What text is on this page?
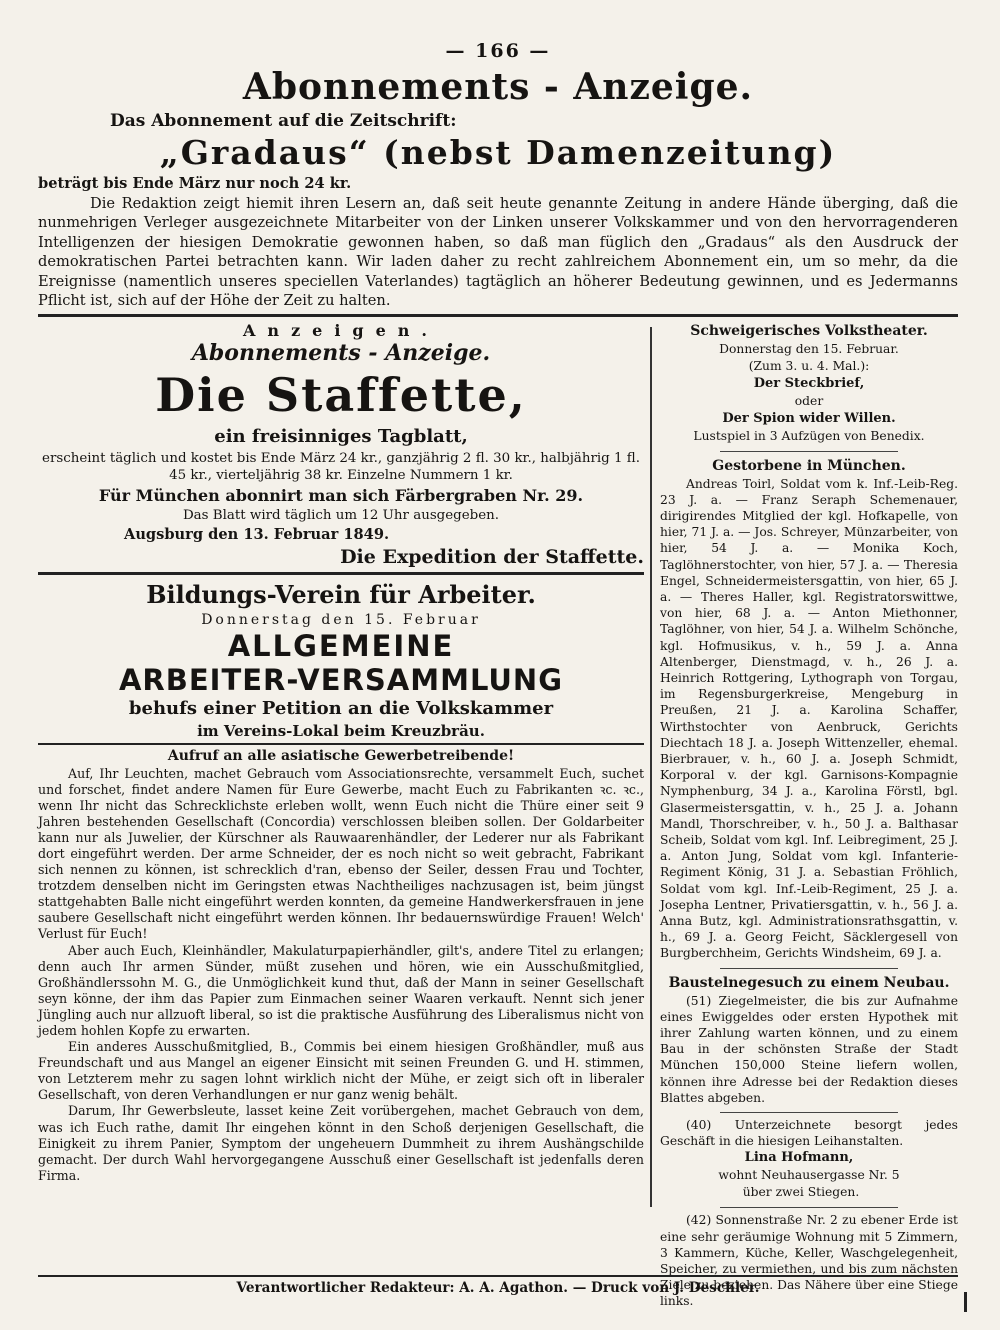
— 166 —
Abonnements - Anzeige.
Das Abonnement auf die Zeitschrift:
„Gradaus“ (nebst Damenzeitung)

beträgt bis Ende März nur noch 24 kr.

Die Redaktion zeigt hiemit ihren Lesern an, daß seit heute genannte Zeitung in andere Hände überging, daß die nunmehrigen Verleger ausgezeichnete Mitarbeiter von der Linken unserer Volkskammer und von den hervorragenderen Intelligenzen der hiesigen Demokratie gewonnen haben, so daß man füglich den „Gradaus“ als den Ausdruck der demokratischen Partei betrachten kann. Wir laden daher zu recht zahlreichem Abonnement ein, um so mehr, da die Ereignisse (namentlich unseres speciellen Vaterlandes) tagtäglich an höherer Bedeutung gewinnen, und es Jedermanns Pflicht ist, sich auf der Höhe der Zeit zu halten.

Anzeigen.
Abonnements - Anzeige.
Die Staffette,
ein freisinniges Tagblatt,
erscheint täglich und kostet bis Ende März 24 kr., ganzjährig 2 fl. 30 kr., halbjährig 1 fl. 45 kr., vierteljährig 38 kr. Einzelne Nummern 1 kr.
Für München abonnirt man sich Färbergraben Nr. 29.
Das Blatt wird täglich um 12 Uhr ausgegeben.
Augsburg den 13. Februar 1849.
Die Expedition der Staffette.
Bildungs-Verein für Arbeiter.
Donnerstag den 15. Februar
ALLGEMEINE
ARBEITER-VERSAMMLUNG
behufs einer Petition an die Volkskammer
im Vereins-Lokal beim Kreuzbräu.
Aufruf an alle asiatische Gewerbetreibende!

Auf, Ihr Leuchten, machet Gebrauch vom Associationsrechte, versammelt Euch, suchet und forschet, findet andere Namen für Eure Gewerbe, macht Euch zu Fabrikanten ꝛc. ꝛc., wenn Ihr nicht das Schrecklichste erleben wollt, wenn Euch nicht die Thüre einer seit 9 Jahren bestehenden Gesellschaft (Concordia) verschlossen bleiben sollen. Der Goldarbeiter kann nur als Juwelier, der Kürschner als Rauwaarenhändler, der Lederer nur als Fabrikant dort eingeführt werden. Der arme Schneider, der es noch nicht so weit gebracht, Fabrikant sich nennen zu können, ist schrecklich d'ran, ebenso der Seiler, dessen Frau und Tochter, trotzdem denselben nicht im Geringsten etwas Nachtheiliges nachzusagen ist, beim jüngst stattgehabten Balle nicht eingeführt werden konnten, da gemeine Handwerkersfrauen in jene saubere Gesellschaft nicht eingeführt werden können. Ihr bedauernswürdige Frauen! Welch' Verlust für Euch!

Aber auch Euch, Kleinhändler, Makulaturpapierhändler, gilt's, andere Titel zu erlangen; denn auch Ihr armen Sünder, müßt zusehen und hören, wie ein Ausschußmitglied, Großhändlerssohn M. G., die Unmöglichkeit kund thut, daß der Mann in seiner Gesellschaft seyn könne, der ihm das Papier zum Einmachen seiner Waaren verkauft. Nennt sich jener Jüngling auch nur allzuoft liberal, so ist die praktische Ausführung des Liberalismus nicht von jedem hohlen Kopfe zu erwarten.

Ein anderes Ausschußmitglied, B., Commis bei einem hiesigen Großhändler, muß aus Freundschaft und aus Mangel an eigener Einsicht mit seinen Freunden G. und H. stimmen, von Letzterem mehr zu sagen lohnt wirklich nicht der Mühe, er zeigt sich oft in liberaler Gesellschaft, von deren Verhandlungen er nur ganz wenig behält.

Darum, Ihr Gewerbsleute, lasset keine Zeit vorübergehen, machet Gebrauch von dem, was ich Euch rathe, damit Ihr eingehen könnt in den Schoß derjenigen Gesellschaft, die Einigkeit zu ihrem Panier, Symptom der ungeheuern Dummheit zu ihrem Aushängschilde gemacht. Der durch Wahl hervorgegangene Ausschuß einer Gesellschaft ist jedenfalls deren Firma.

Schweigerisches Volkstheater.
Donnerstag den 15. Februar.
(Zum 3. u. 4. Mal.):
Der Steckbrief,
oder
Der Spion wider Willen.
Lustspiel in 3 Aufzügen von Benedix.
Gestorbene in München.

Andreas Toirl, Soldat vom k. Inf.-Leib-Reg. 23 J. a. — Franz Seraph Schemenauer, dirigirendes Mitglied der kgl. Hofkapelle, von hier, 71 J. a. — Jos. Schreyer, Münzarbeiter, von hier, 54 J. a. — Monika Koch, Taglöhnerstochter, von hier, 57 J. a. — Theresia Engel, Schneidermeistersgattin, von hier, 65 J. a. — Theres Haller, kgl. Registratorswittwe, von hier, 68 J. a. — Anton Miethonner, Taglöhner, von hier, 54 J. a. Wilhelm Schönche, kgl. Hofmusikus, v. h., 59 J. a. Anna Altenberger, Dienstmagd, v. h., 26 J. a. Heinrich Rottgering, Lythograph von Torgau, im Regensburgerkreise, Mengeburg in Preußen, 21 J. a. Karolina Schaffer, Wirthstochter von Aenbruck, Gerichts Diechtach 18 J. a. Joseph Wittenzeller, ehemal. Bierbrauer, v. h., 60 J. a. Joseph Schmidt, Korporal v. der kgl. Garnisons-Kompagnie Nymphenburg, 34 J. a., Karolina Förstl, bgl. Glasermeistersgattin, v. h., 25 J. a. Johann Mandl, Thorschreiber, v. h., 50 J. a. Balthasar Scheib, Soldat vom kgl. Inf. Leibregiment, 25 J. a. Anton Jung, Soldat vom kgl. Infanterie-Regiment König, 31 J. a. Sebastian Fröhlich, Soldat vom kgl. Inf.-Leib-Regiment, 25 J. a. Josepha Lentner, Privatiersgattin, v. h., 56 J. a. Anna Butz, kgl. Administrationsrathsgattin, v. h., 69 J. a. Georg Feicht, Säcklergesell von Burgberchheim, Gerichts Windsheim, 69 J. a.

Baustelnegesuch zu einem Neubau.

(51) Ziegelmeister, die bis zur Aufnahme eines Ewiggeldes oder ersten Hypothek mit ihrer Zahlung warten können, und zu einem Bau in der schönsten Straße der Stadt München 150,000 Steine liefern wollen, können ihre Adresse bei der Redaktion dieses Blattes abgeben.

(40) Unterzeichnete besorgt jedes Geschäft in die hiesigen Leihanstalten.

Lina Hofmann,
wohnt Neuhausergasse Nr. 5
über zwei Stiegen.

(42) Sonnenstraße Nr. 2 zu ebener Erde ist eine sehr geräumige Wohnung mit 5 Zimmern, 3 Kammern, Küche, Keller, Waschgelegenheit, Speicher, zu vermiethen, und bis zum nächsten Ziele zu beziehen. Das Nähere über eine Stiege links.

Verantwortlicher Redakteur: A. A. Agathon. — Druck von J. Deschler.
